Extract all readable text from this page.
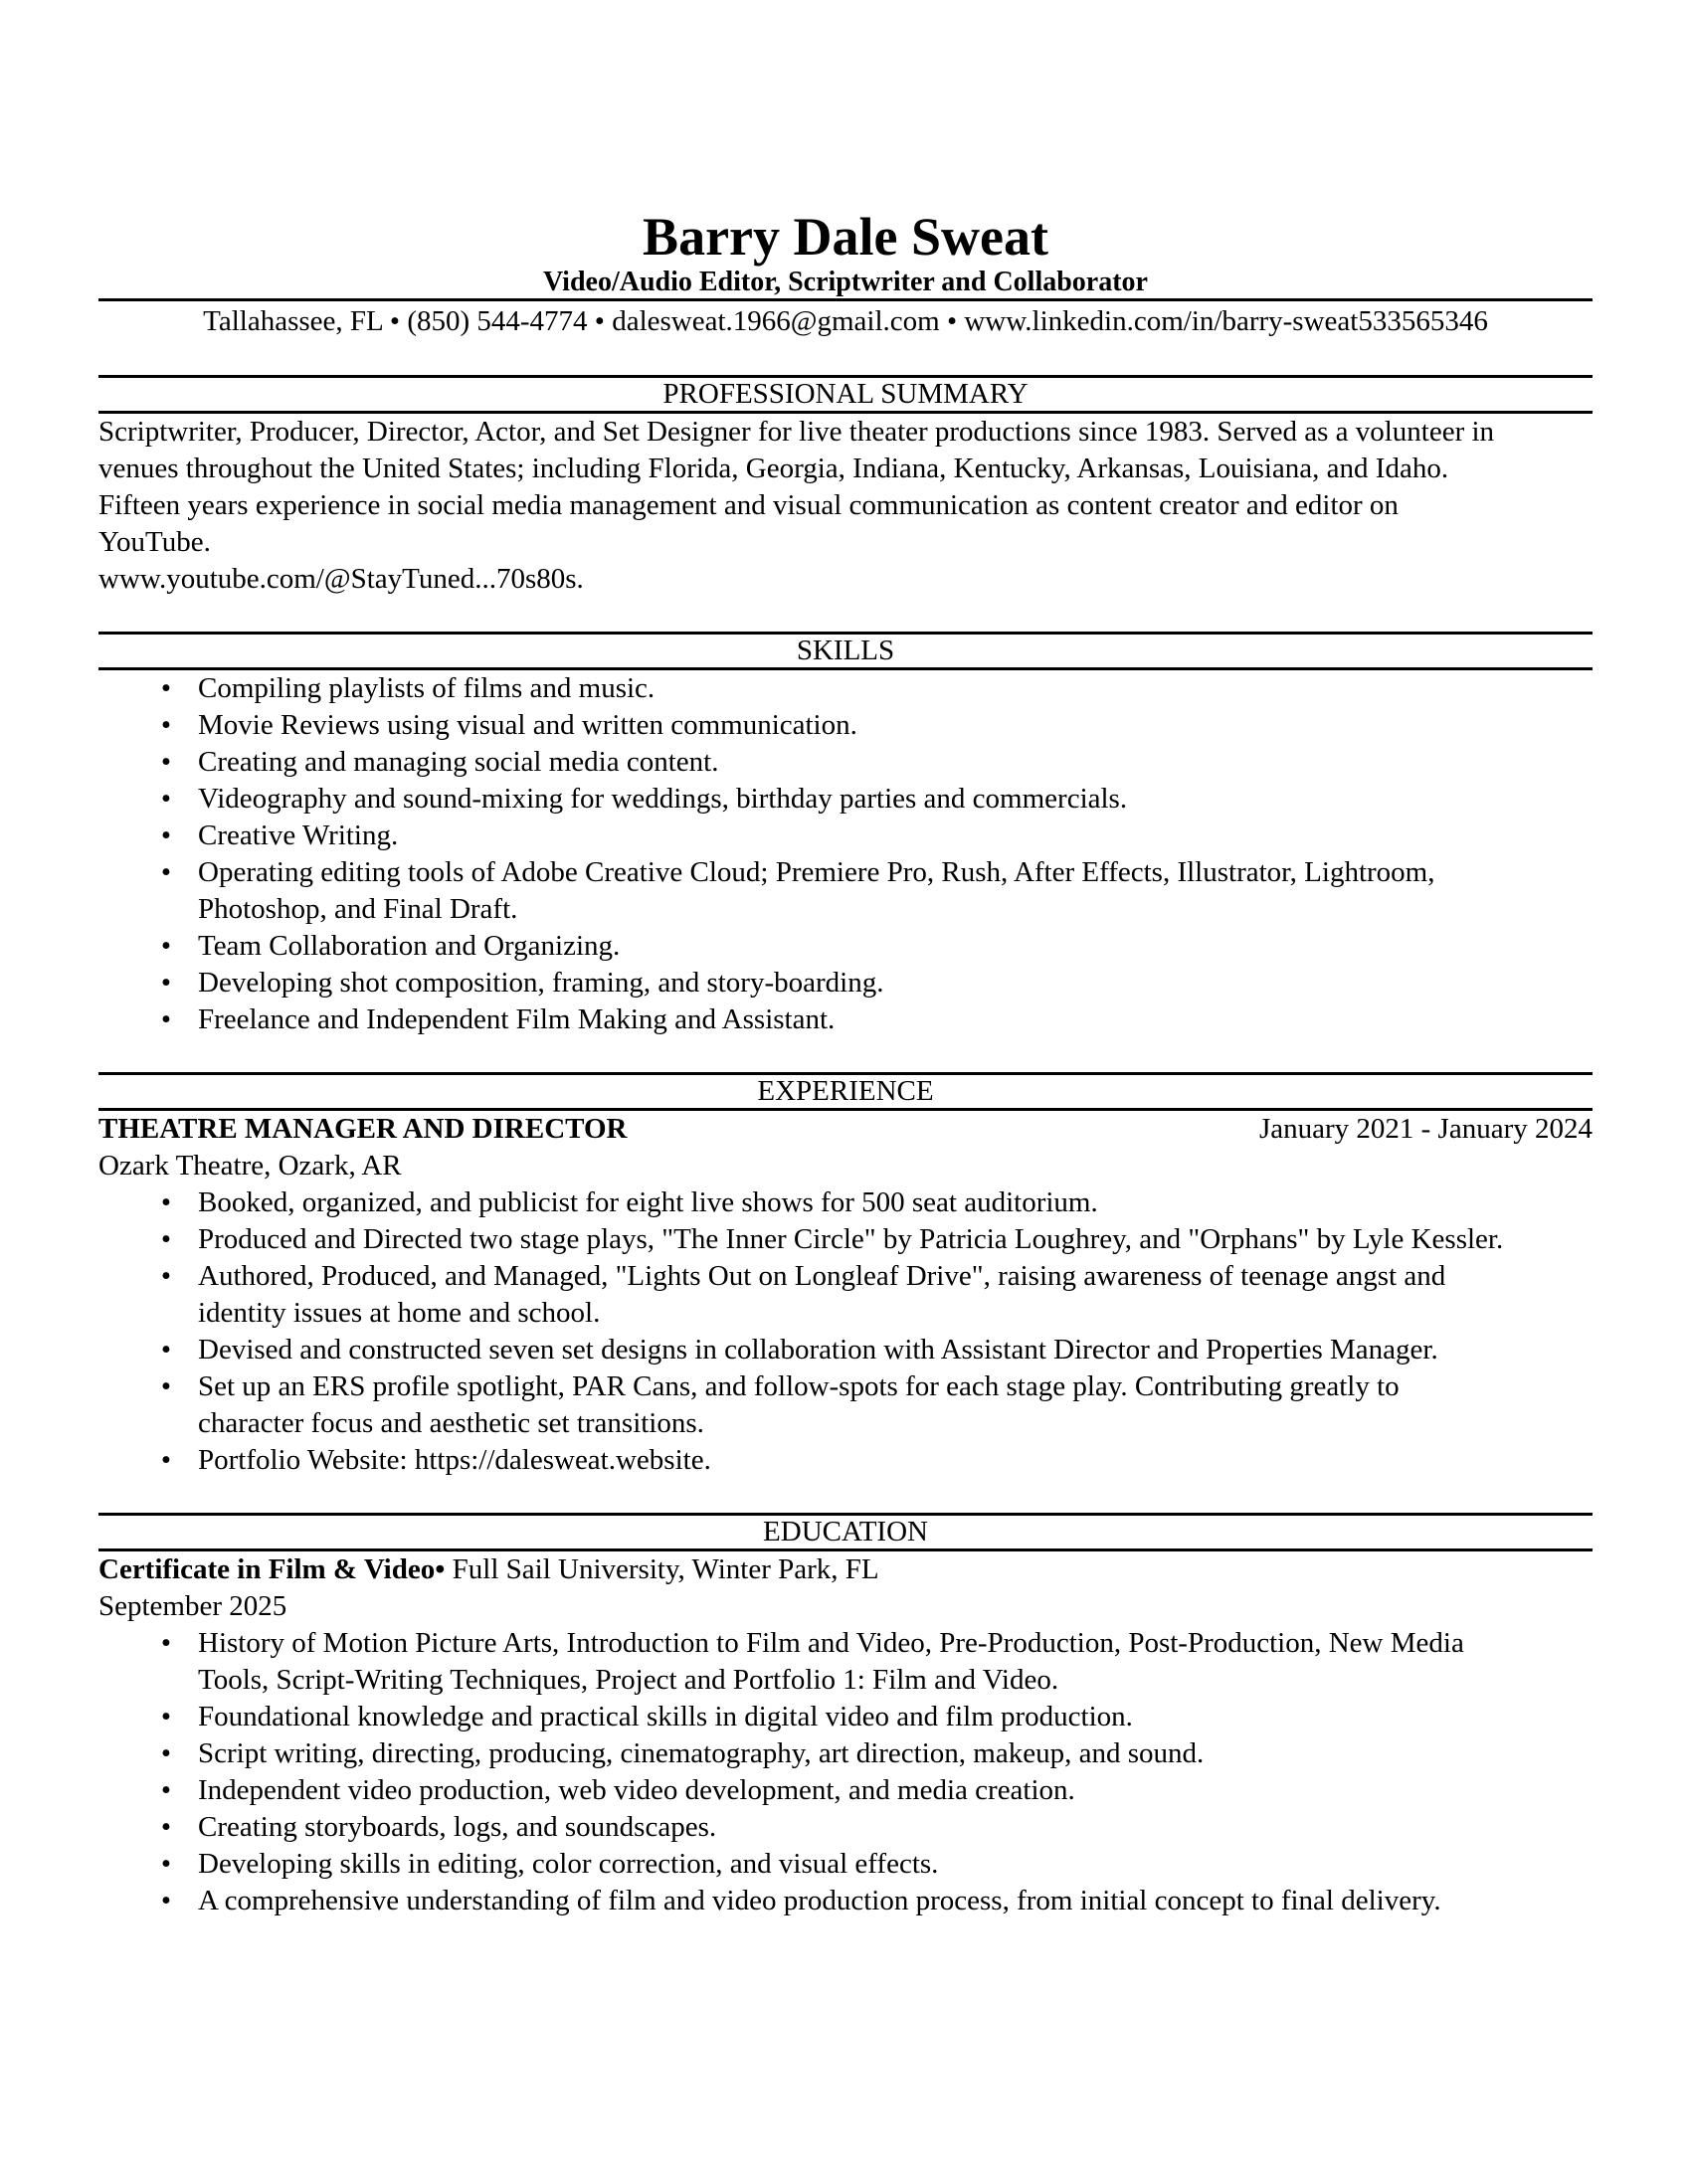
Barry Dale Sweat
Video/Audio Editor, Scriptwriter and Collaborator
Tallahassee, FL • (850) 544-4774 • dalesweat.1966@gmail.com • www.linkedin.com/in/barry-sweat533565346
PROFESSIONAL SUMMARY
Scriptwriter, Producer, Director, Actor, and Set Designer for live theater productions since 1983. Served as a volunteer in
venues throughout the United States; including Florida, Georgia, Indiana, Kentucky, Arkansas, Louisiana, and Idaho.
Fifteen years experience in social media management and visual communication as content creator and editor on
YouTube.
www.youtube.com/@StayTuned...70s80s.
SKILLS
• Compiling playlists of films and music.
• Movie Reviews using visual and written communication.
• Creating and managing social media content.
• Videography and sound-mixing for weddings, birthday parties and commercials.
• Creative Writing.
• Operating editing tools of Adobe Creative Cloud; Premiere Pro, Rush, After Effects, Illustrator, Lightroom,
Photoshop, and Final Draft.
• Team Collaboration and Organizing.
• Developing shot composition, framing, and story-boarding.
• Freelance and Independent Film Making and Assistant.
EXPERIENCE
THEATRE MANAGER AND DIRECTOR	January 2021 - January 2024
Ozark Theatre, Ozark, AR
• Booked, organized, and publicist for eight live shows for 500 seat auditorium.
• Produced and Directed two stage plays, "The Inner Circle" by Patricia Loughrey, and "Orphans" by Lyle Kessler.
• Authored, Produced, and Managed, "Lights Out on Longleaf Drive", raising awareness of teenage angst and
identity issues at home and school.
• Devised and constructed seven set designs in collaboration with Assistant Director and Properties Manager.
• Set up an ERS profile spotlight, PAR Cans, and follow-spots for each stage play. Contributing greatly to
character focus and aesthetic set transitions.
• Portfolio Website: https://dalesweat.website.
EDUCATION
Certificate in Film & Video• Full Sail University, Winter Park, FL
September 2025
• History of Motion Picture Arts, Introduction to Film and Video, Pre-Production, Post-Production, New Media
Tools, Script-Writing Techniques, Project and Portfolio 1: Film and Video.
• Foundational knowledge and practical skills in digital video and film production.
• Script writing, directing, producing, cinematography, art direction, makeup, and sound.
• Independent video production, web video development, and media creation.
• Creating storyboards, logs, and soundscapes.
• Developing skills in editing, color correction, and visual effects.
• A comprehensive understanding of film and video production process, from initial concept to final delivery.
